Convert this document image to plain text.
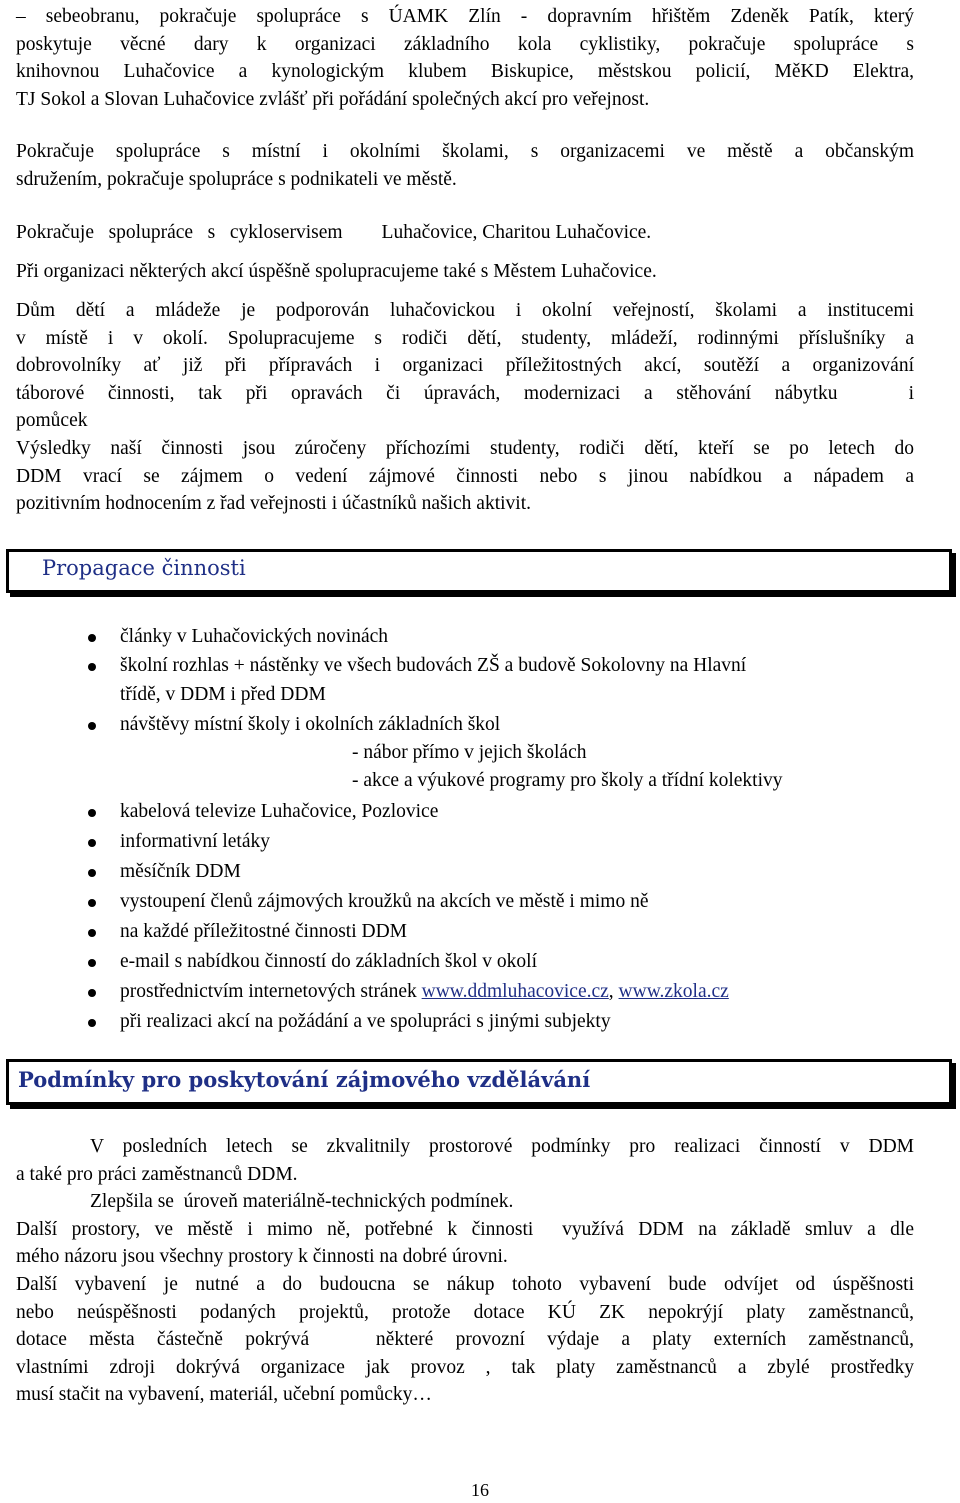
– sebeobranu, pokračuje spolupráce s ÚAMK Zlín - dopravním hřištěm Zdeněk Patík, který
poskytuje věcné dary k organizaci základního kola cyklistiky, pokračuje spolupráce s
knihovnou Luhačovice a kynologickým klubem Biskupice, městskou policií, MěKD Elektra,
TJ Sokol a Slovan Luhačovice zvlášť při pořádání společných akcí pro veřejnost.
Pokračuje spolupráce s místní i okolními školami, s organizacemi ve městě a občanským
sdružením, pokračuje spolupráce s podnikateli ve městě.
Pokračuje   spolupráce   s   cykloservisem        Luhačovice, Charitou Luhačovice.
Při organizaci některých akcí úspěšně spolupracujeme také s Městem Luhačovice.
Dům dětí a mládeže je podporován luhačovickou i okolní veřejností, školami a institucemi
v místě i v okolí. Spolupracujeme s rodiči dětí, studenty, mládeží, rodinnými příslušníky a
dobrovolníky ať již při přípravách i organizaci příležitostných akcí, soutěží a organizování
táborové činnosti, tak při opravách či úpravách, modernizaci a stěhování nábytku   i
pomůcek
Výsledky naší činnosti jsou zúročeny příchozími studenty, rodiči dětí, kteří se po letech do
DDM vrací se zájmem o vedení zájmové činnosti nebo s jinou nabídkou a nápadem a
pozitivním hodnocením z řad veřejnosti i účastníků našich aktivit.
Propagace činnosti
články v Luhačovických novinách
školní rozhlas + nástěnky ve všech budovách ZŠ a budově Sokolovny na Hlavní
třídě, v DDM i před DDM
návštěvy místní školy i okolních základních škol
- nábor přímo v jejich školách
- akce a výukové programy pro školy a třídní kolektivy
kabelová televize Luhačovice, Pozlovice
informativní letáky
měsíčník DDM
vystoupení členů zájmových kroužků na akcích ve městě i mimo ně
na každé příležitostné činnosti DDM
e-mail s nabídkou činností do základních škol v okolí
prostřednictvím internetových stránek www.ddmluhacovice.cz, www.zkola.cz
při realizaci akcí na požádání a ve spolupráci s jinými subjekty
Podmínky pro poskytování zájmového vzdělávání
V posledních letech se zkvalitnily prostorové podmínky pro realizaci činností v DDM
a také pro práci zaměstnanců DDM.
Zlepšila se  úroveň materiálně-technických podmínek.
Další prostory, ve městě i mimo ně, potřebné k činnosti  využívá DDM na základě smluv a dle
mého názoru jsou všechny prostory k činnosti na dobré úrovni.
Další vybavení je nutné a do budoucna se nákup tohoto vybavení bude odvíjet od úspěšnosti
nebo neúspěšnosti podaných projektů, protože dotace KÚ ZK nepokrýjí platy zaměstnanců,
dotace města částečně pokrývá   některé provozní výdaje a platy externích zaměstnanců,
vlastními zdroji dokrývá organizace jak provoz , tak platy zaměstnanců a zbylé prostředky
musí stačit na vybavení, materiál, učební pomůcky…
16
